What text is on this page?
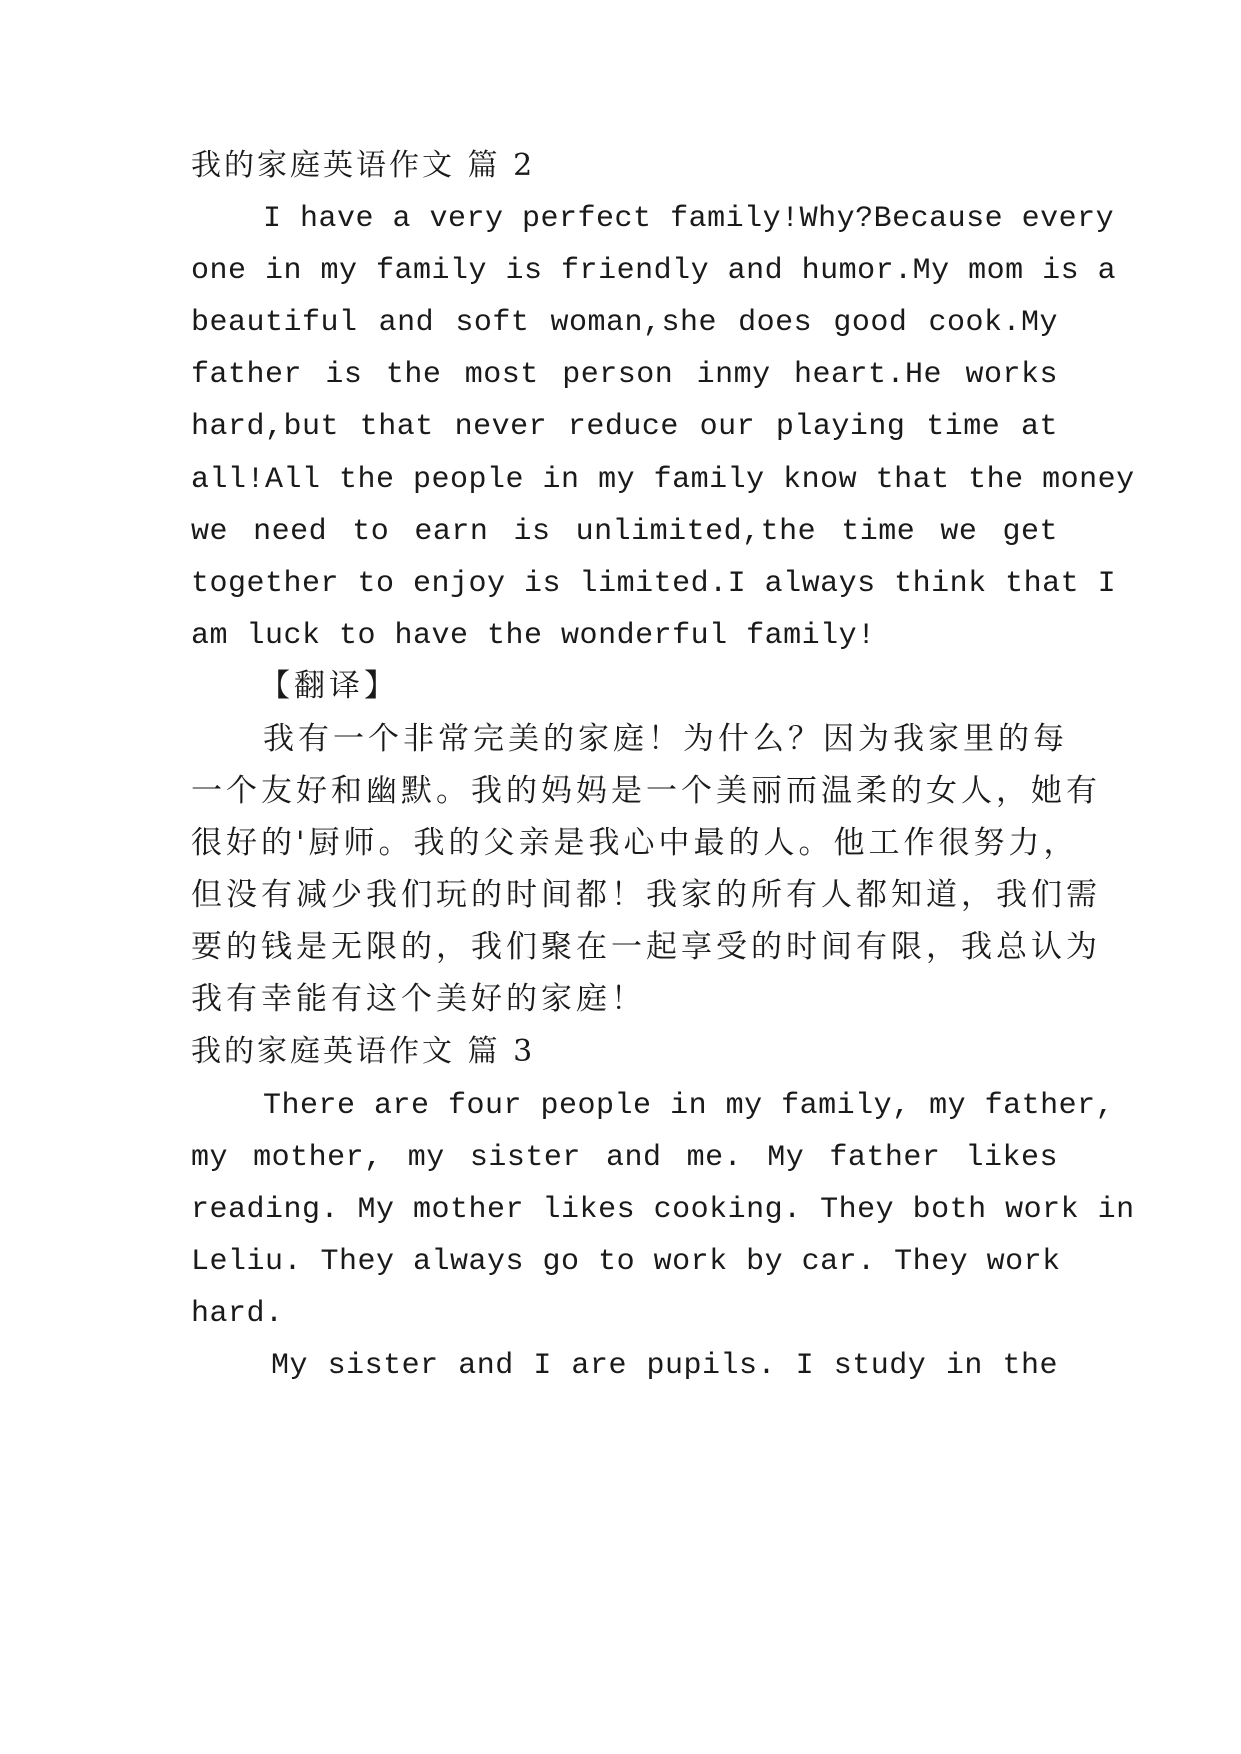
我的家庭英语作文 篇 2
I have a very perfect family!Why?Because every
one in my family is friendly and humor.My mom is a
beautiful and soft woman,she does good cook.My
father is the most person inmy heart.He works
hard,but that never reduce our playing time at
all!All the people in my family know that the money
we need to earn is unlimited,the time we get
together to enjoy is limited.I always think that I
am luck to have the wonderful family!
【翻译】
我有一个非常完美的家庭！为什么？因为我家里的每
一个友好和幽默。我的妈妈是一个美丽而温柔的女人，她有
很好的'厨师。我的父亲是我心中最的人。他工作很努力，
但没有减少我们玩的时间都！我家的所有人都知道，我们需
要的钱是无限的，我们聚在一起享受的时间有限，我总认为
我有幸能有这个美好的家庭！
我的家庭英语作文 篇 3
There are four people in my family, my father,
my mother, my sister and me. My father likes
reading. My mother likes cooking. They both work in
Leliu. They always go to work by car. They work
hard.
My sister and I are pupils. I study in the
